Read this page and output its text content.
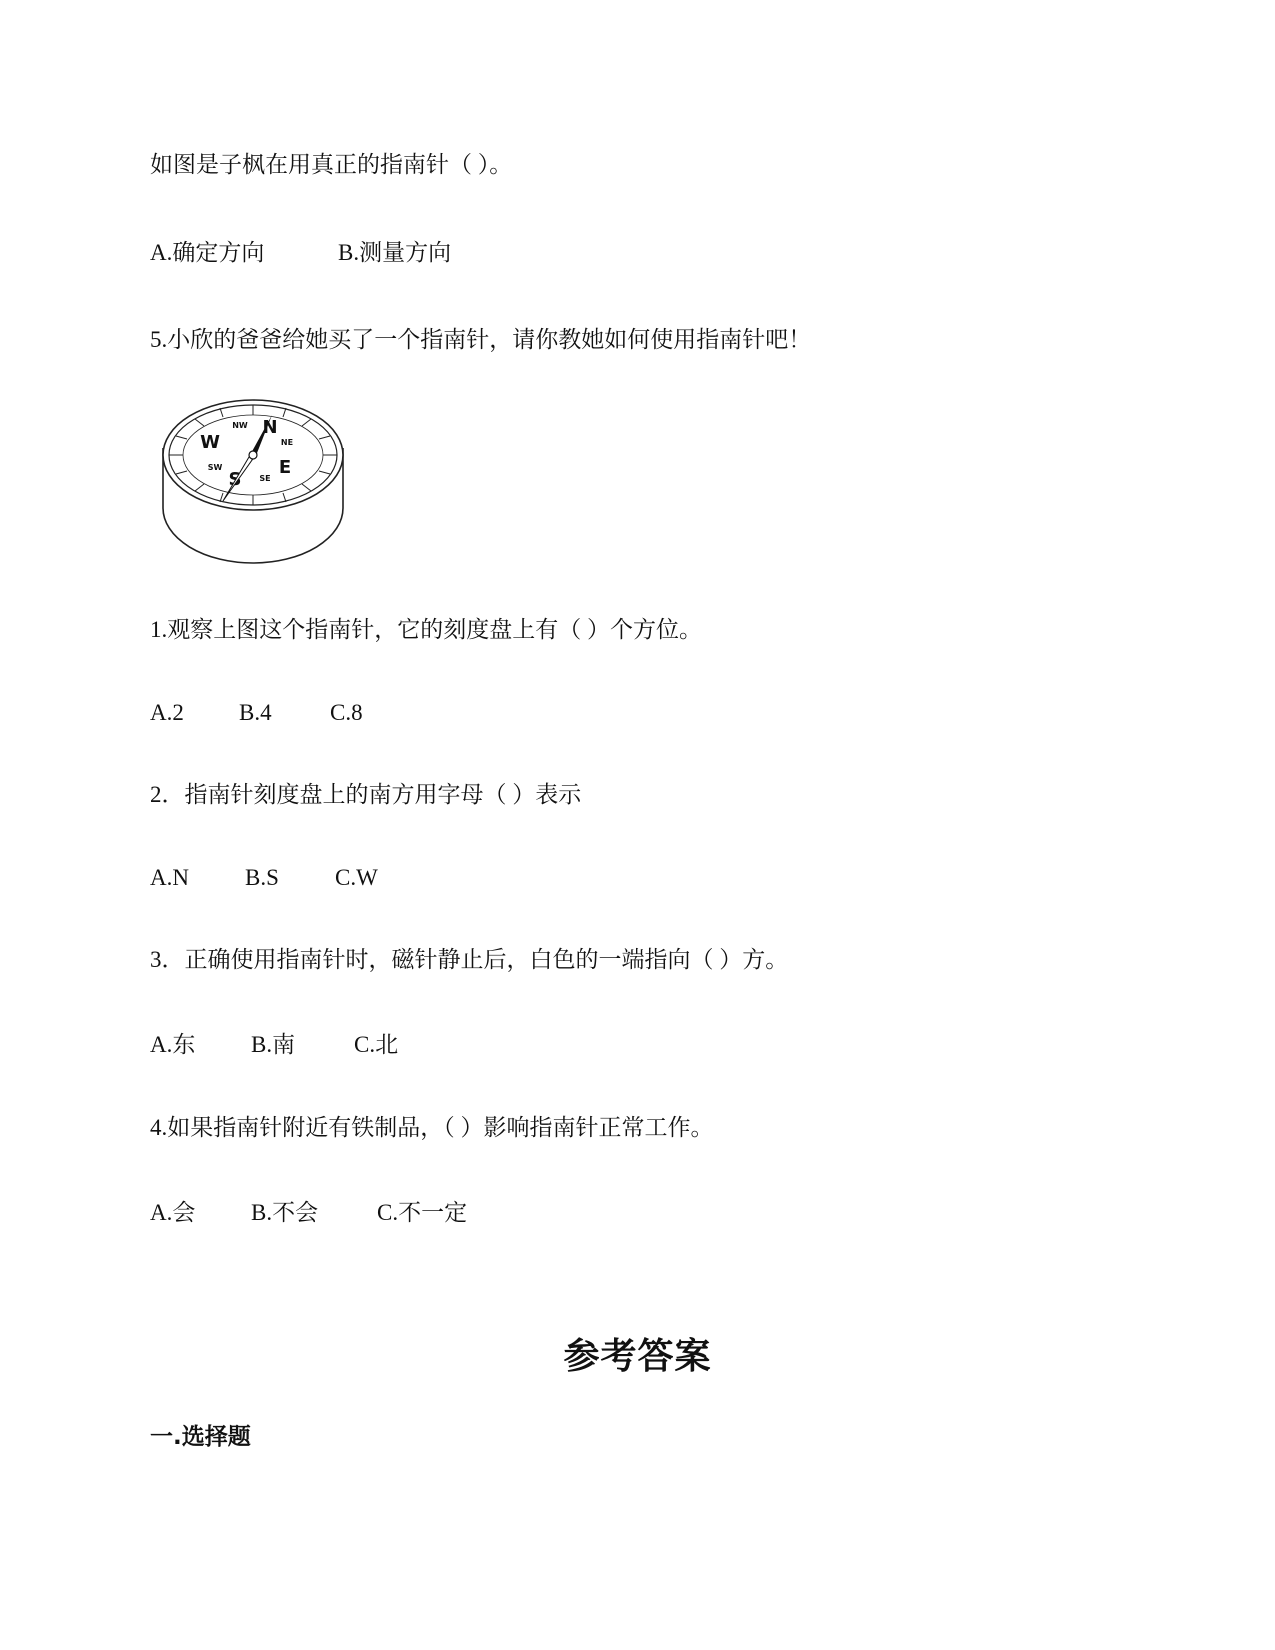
如图是子枫在用真正的指南针（ ）。
A.确定方向	B.测量方向
5.小欣的爸爸给她买了一个指南针，请你教她如何使用指南针吧！
N
E
S
W	NE
SE
SW
NW
1.观察上图这个指南针，它的刻度盘上有（ ）个方位。
A.2 B.4	C.8
2．指南针刻度盘上的南方用字母（ ）表示
A.N B.S C.W
3．正确使用指南针时，磁针静止后，白色的一端指向（ ）方。
A.东 B.南	C.北
4.如果指南针附近有铁制品，（ ）影响指南针正常工作。
A.会 B.不会	C.不一定
参考答案
一.选择题
